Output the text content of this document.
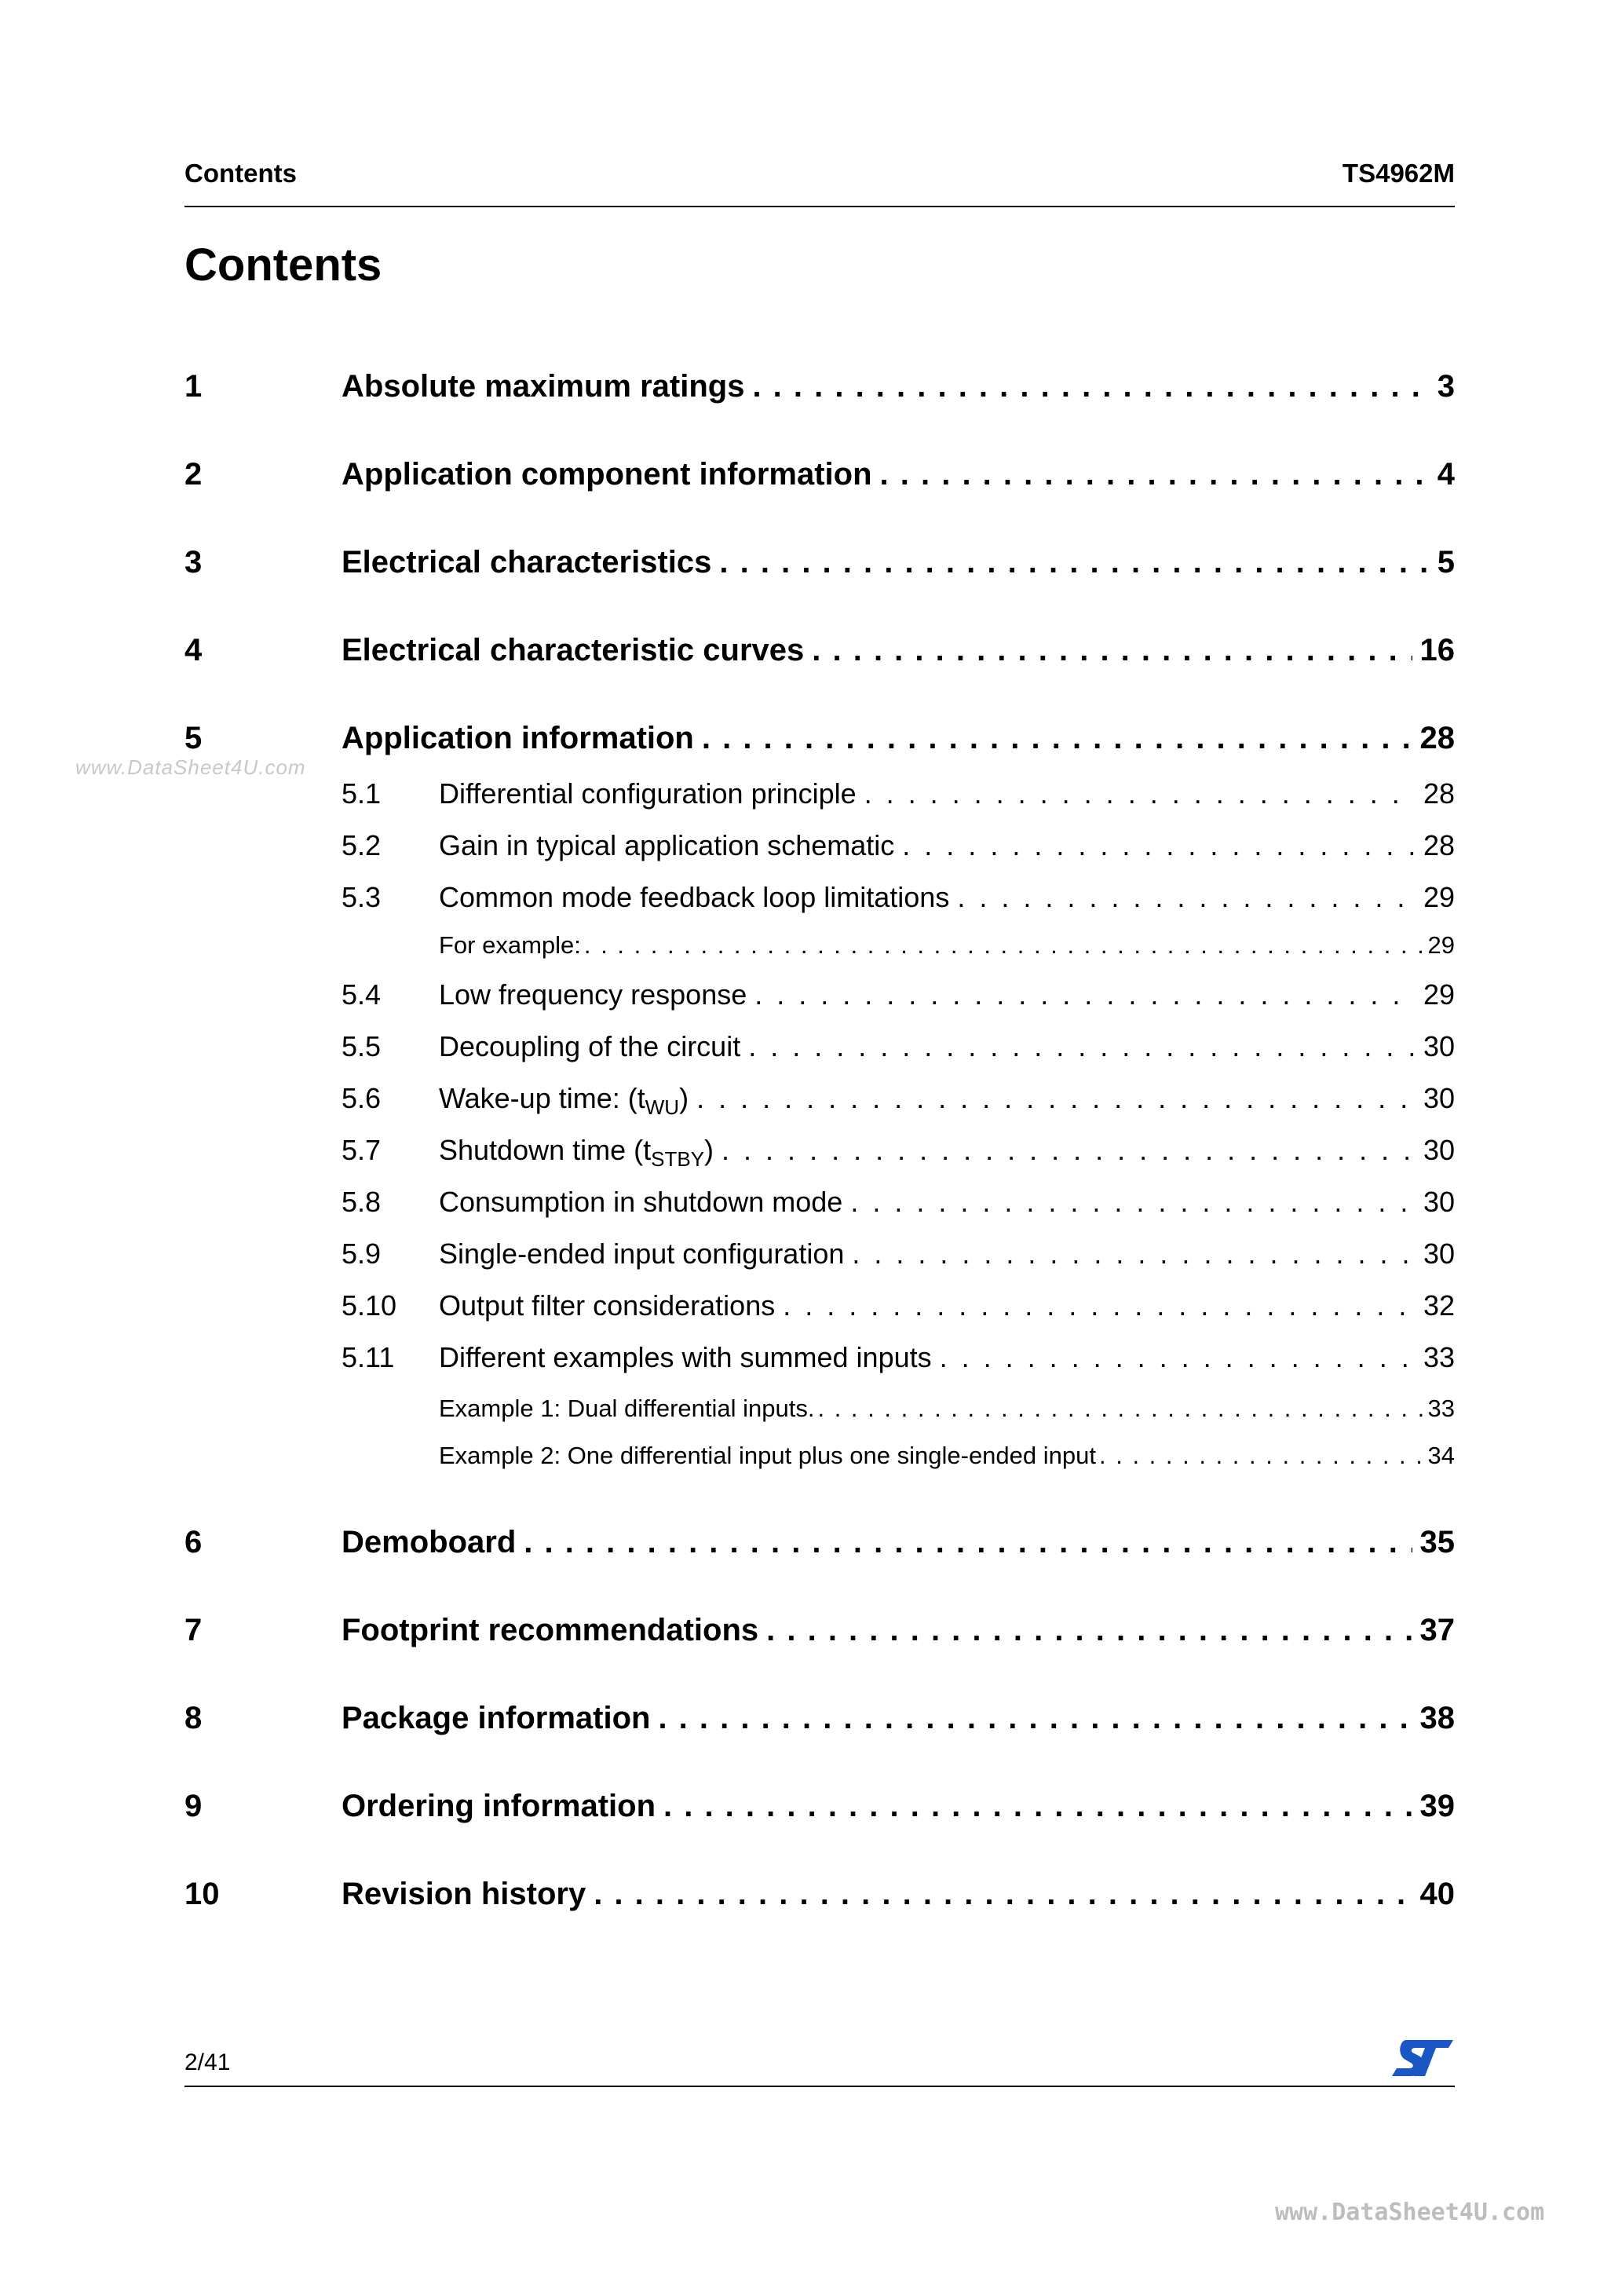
Contents	TS4962M
Contents
www.DataSheet4U.com
1	Absolute maximum ratings . . .	3
2	Application component information . . .	4
3	Electrical characteristics . . .	5
4	Electrical characteristic curves . . .	16
5	Application information . . .	28
5.1	Differential configuration principle . . .	28
5.2	Gain in typical application schematic . . .	28
5.3	Common mode feedback loop limitations . . .	29
For example: . . .	29
5.4	Low frequency response . . .	29
5.5	Decoupling of the circuit . . .	30
5.6	Wake-up time: $(t_{WU})$ . . .	30
5.7	Shutdown time $(t_{STBY})$ . . .	30
5.8	Consumption in shutdown mode . . .	30
5.9	Single-ended input configuration . . .	30
5.10	Output filter considerations . . .	32
5.11	Different examples with summed inputs . . .	33
Example 1: Dual differential inputs. . . .	33
Example 2: One differential input plus one single-ended input . . .	34
6	Demoboard . . .	35
7	Footprint recommendations . . .	37
8	Package information . . .	38
9	Ordering information . . .	39
10	Revision history . . .	40
2/41
www.DataSheet4U.com
